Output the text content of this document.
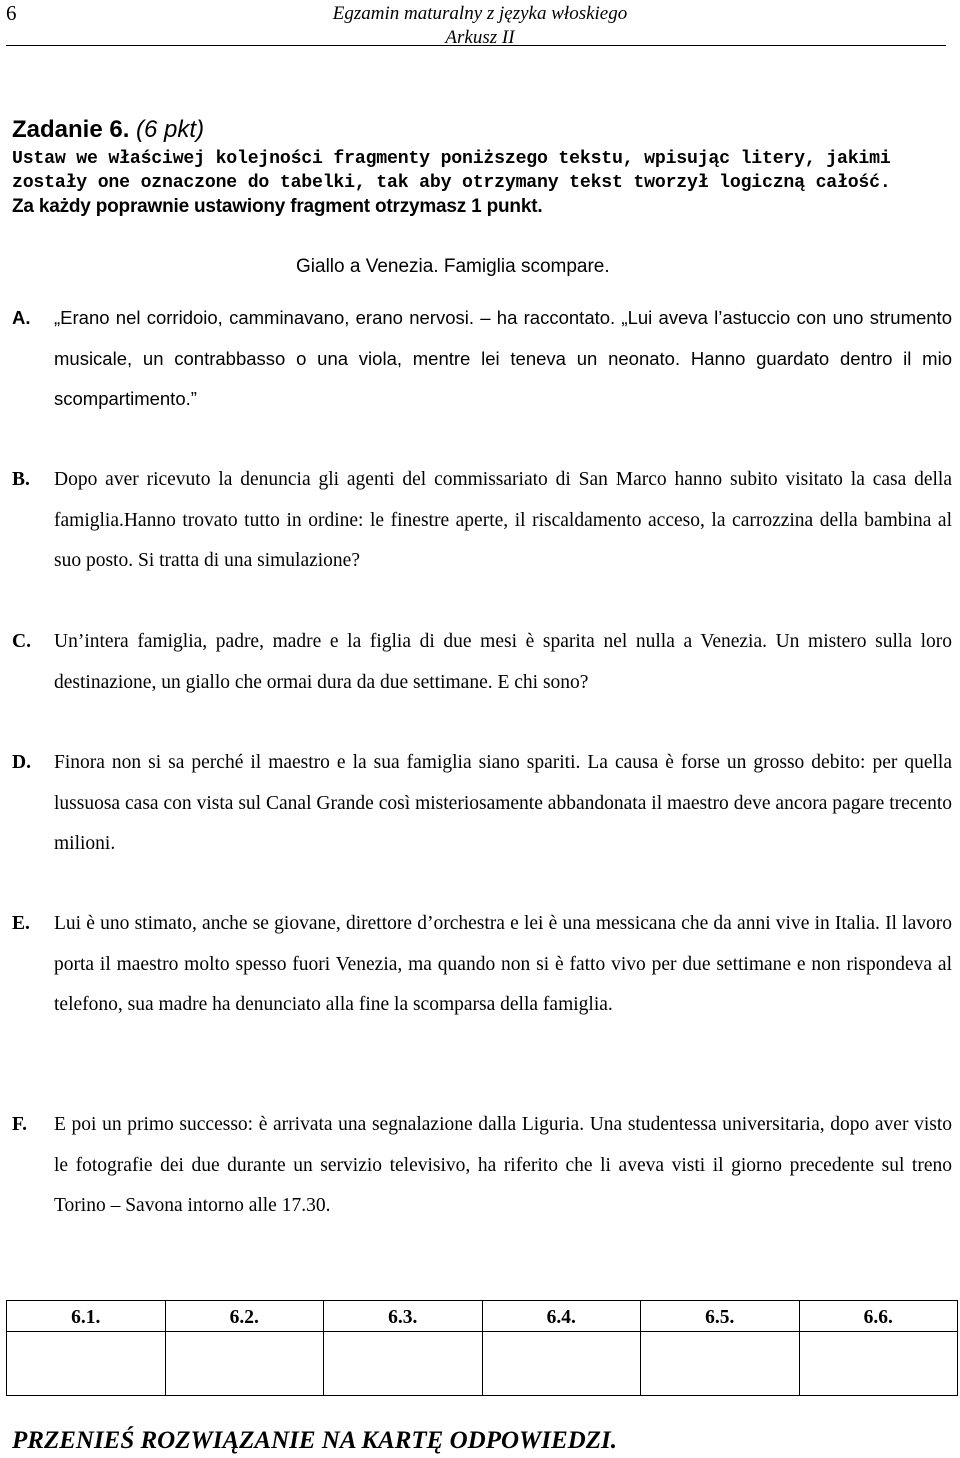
6	Egzamin maturalny z języka włoskiego
Arkusz II
Zadanie 6. (6 pkt)
Ustaw we właściwej kolejności fragmenty poniższego tekstu, wpisując litery, jakimi
zostały one oznaczone do tabelki, tak aby otrzymany tekst tworzył logiczną całość.
Za każdy poprawnie ustawiony fragment otrzymasz 1 punkt.
Giallo a Venezia. Famiglia scompare.
A. „Erano nel corridoio, camminavano, erano nervosi. – ha raccontato. „Lui aveva l’astuccio con uno strumento musicale, un contrabbasso o una viola, mentre lei teneva un neonato. Hanno guardato dentro il mio scompartimento.”
B. Dopo aver ricevuto la denuncia gli agenti del commissariato di San Marco hanno subito visitato la casa della famiglia.Hanno trovato tutto in ordine: le finestre aperte, il riscaldamento acceso, la carrozzina della bambina al suo posto. Si tratta di una simulazione?
C. Un’intera famiglia, padre, madre e la figlia di due mesi è sparita nel nulla a Venezia. Un mistero sulla loro destinazione, un giallo che ormai dura da due settimane. E chi sono?
D. Finora non si sa perché il maestro e la sua famiglia siano spariti. La causa è forse un grosso debito: per quella lussuosa casa con vista sul Canal Grande così misteriosamente abbandonata il maestro deve ancora pagare trecento milioni.
E. Lui è uno stimato, anche se giovane, direttore d’orchestra e lei è una messicana che da anni vive in Italia. Il lavoro porta il maestro molto spesso fuori Venezia, ma quando non si è fatto vivo per due settimane e non rispondeva al telefono, sua madre ha denunciato alla fine la scomparsa della famiglia.
F. E poi un primo successo: è arrivata una segnalazione dalla Liguria. Una studentessa universitaria, dopo aver visto le fotografie dei due durante un servizio televisivo, ha riferito che li aveva visti il giorno precedente sul treno Torino – Savona intorno alle 17.30.
6.1.	6.2.	6.3.	6.4.	6.5.	6.6.

PRZENIEŚ ROZWIĄZANIE NA KARTĘ ODPOWIEDZI.
